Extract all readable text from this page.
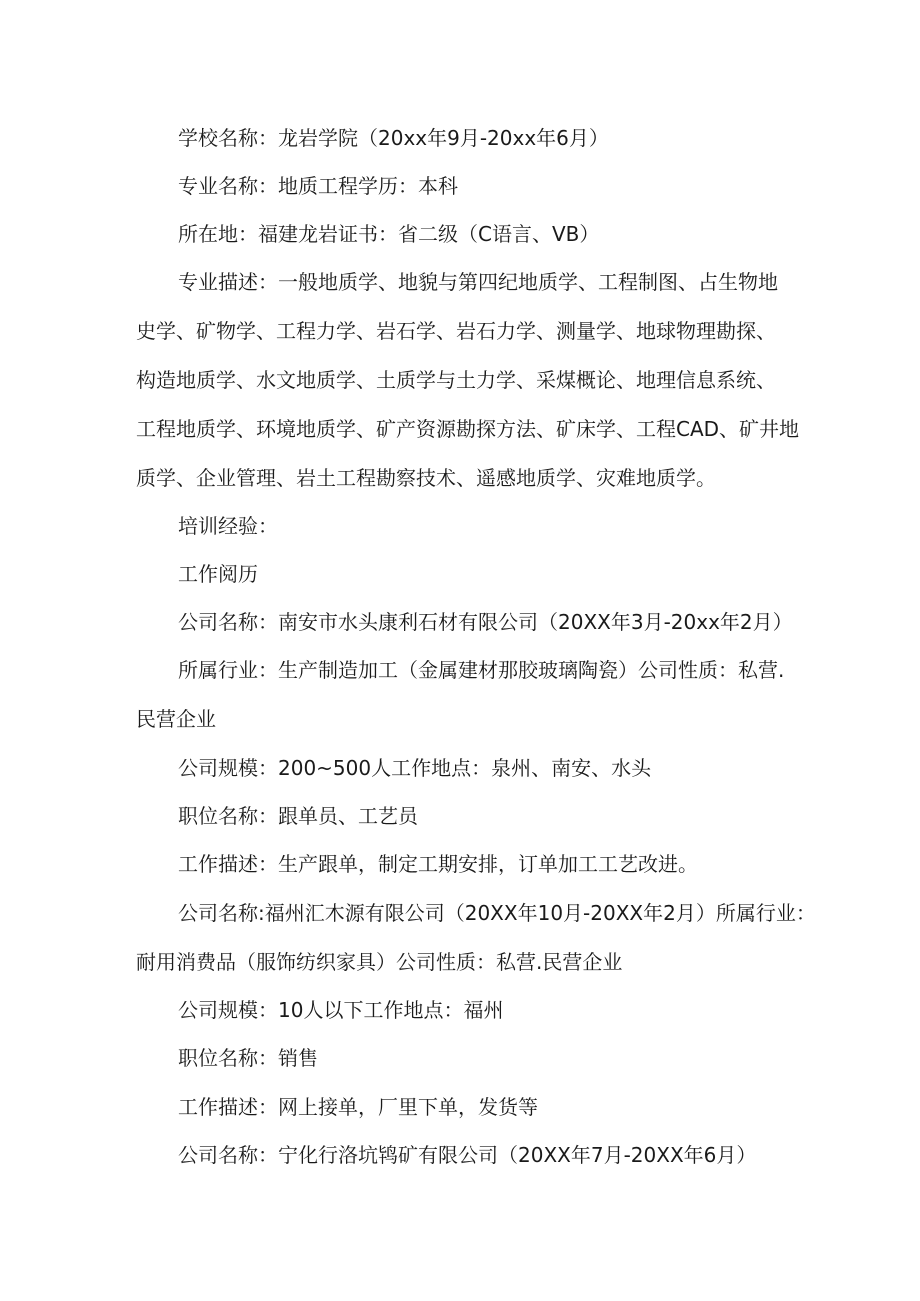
学校名称：龙岩学院（20xx年9月-20xx年6月）
专业名称：地质工程学历：本科
所在地：福建龙岩证书：省二级（C语言、VB）
专业描述：一般地质学、地貌与第四纪地质学、工程制图、占生物地
史学、矿物学、工程力学、岩石学、岩石力学、测量学、地球物理勘探、
构造地质学、水文地质学、土质学与土力学、采煤概论、地理信息系统、
工程地质学、环境地质学、矿产资源勘探方法、矿床学、工程CAD、矿井地
质学、企业管理、岩土工程勘察技术、遥感地质学、灾难地质学。
培训经验：
工作阅历
公司名称：南安市水头康利石材有限公司（20XX年3月-20xx年2月）
所属行业：生产制造加工（金属建材那胶玻璃陶瓷）公司性质：私营.
民营企业
公司规模：200~500人工作地点：泉州、南安、水头
职位名称：跟单员、工艺员
工作描述：生产跟单，制定工期安排，订单加工工艺改进。
公司名称:福州汇木源有限公司（20XX年10月-20XX年2月）所属行业：
耐用消费品（服饰纺织家具）公司性质：私营.民营企业
公司规模：10人以下工作地点：福州
职位名称：销售
工作描述：网上接单，厂里下单，发货等
公司名称：宁化行洛坑鸨矿有限公司（20XX年7月-20XX年6月）
